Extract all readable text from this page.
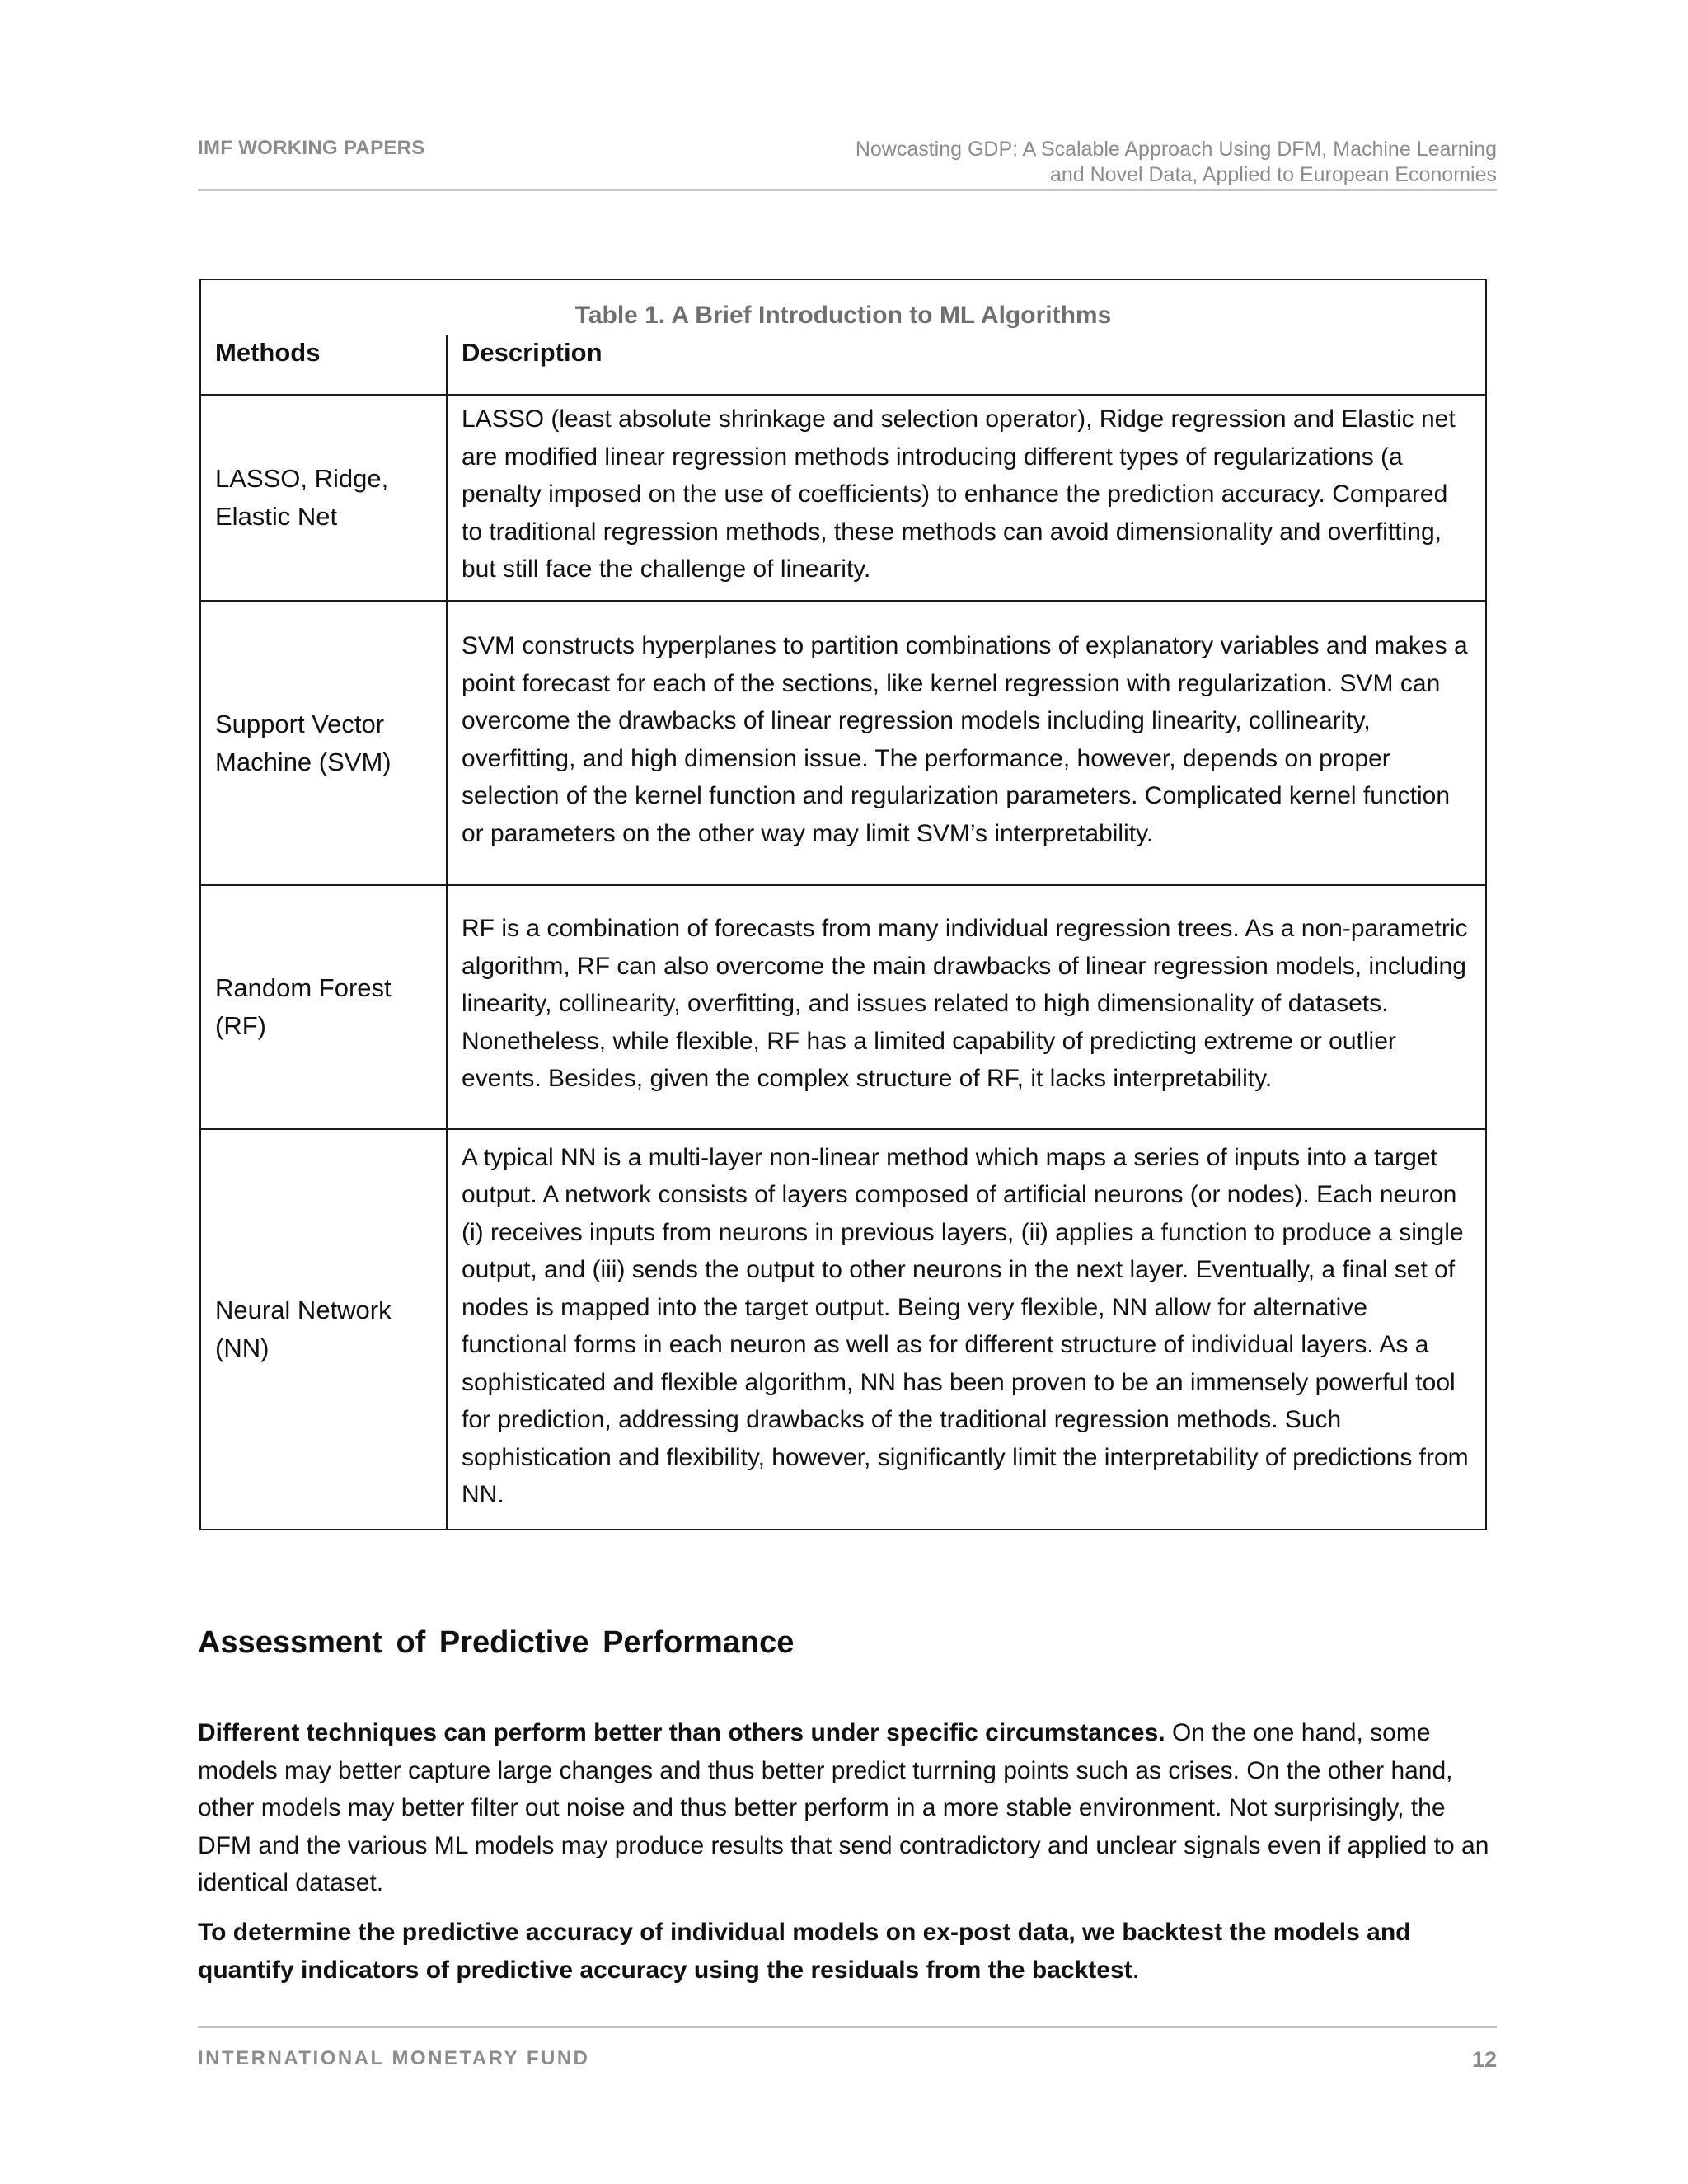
IMF WORKING PAPERS	Nowcasting GDP: A Scalable Approach Using DFM, Machine Learning
and Novel Data, Applied to European Economies
Table 1. A Brief Introduction to ML Algorithms	

Methods	Description

LASSO, Ridge,
Elastic Net	LASSO (least absolute shrinkage and selection operator), Ridge regression and Elastic net are modified linear regression methods introducing different types of regularizations (a penalty imposed on the use of coefficients) to enhance the prediction accuracy. Compared to traditional regression methods, these methods can avoid dimensionality and overfitting, but still face the challenge of linearity.

Support Vector
Machine (SVM)	SVM constructs hyperplanes to partition combinations of explanatory variables and makes a point forecast for each of the sections, like kernel regression with regularization. SVM can overcome the drawbacks of linear regression models including linearity, collinearity, overfitting, and high dimension issue. The performance, however, depends on proper selection of the kernel function and regularization parameters. Complicated kernel function or parameters on the other way may limit SVM’s interpretability.

Random Forest
(RF)	RF is a combination of forecasts from many individual regression trees. As a non-parametric algorithm, RF can also overcome the main drawbacks of linear regression models, including linearity, collinearity, overfitting, and issues related to high dimensionality of datasets. Nonetheless, while flexible, RF has a limited capability of predicting extreme or outlier events. Besides, given the complex structure of RF, it lacks interpretability.

Neural Network
(NN)	A typical NN is a multi-layer non-linear method which maps a series of inputs into a target output. A network consists of layers composed of artificial neurons (or nodes). Each neuron (i) receives inputs from neurons in previous layers, (ii) applies a function to produce a single output, and (iii) sends the output to other neurons in the next layer. Eventually, a final set of nodes is mapped into the target output. Being very flexible, NN allow for alternative functional forms in each neuron as well as for different structure of individual layers. As a sophisticated and flexible algorithm, NN has been proven to be an immensely powerful tool for prediction, addressing drawbacks of the traditional regression methods. Such sophistication and flexibility, however, significantly limit the interpretability of predictions from NN.

Assessment of Predictive Performance

Different techniques can perform better than others under specific circumstances. On the one hand, some models may better capture large changes and thus better predict turrning points such as crises. On the other hand, other models may better filter out noise and thus better perform in a more stable environment. Not surprisingly, the DFM and the various ML models may produce results that send contradictory and unclear signals even if applied to an identical dataset.

To determine the predictive accuracy of individual models on ex-post data, we backtest the models and quantify indicators of predictive accuracy using the residuals from the backtest.

INTERNATIONAL MONETARY FUND	12
